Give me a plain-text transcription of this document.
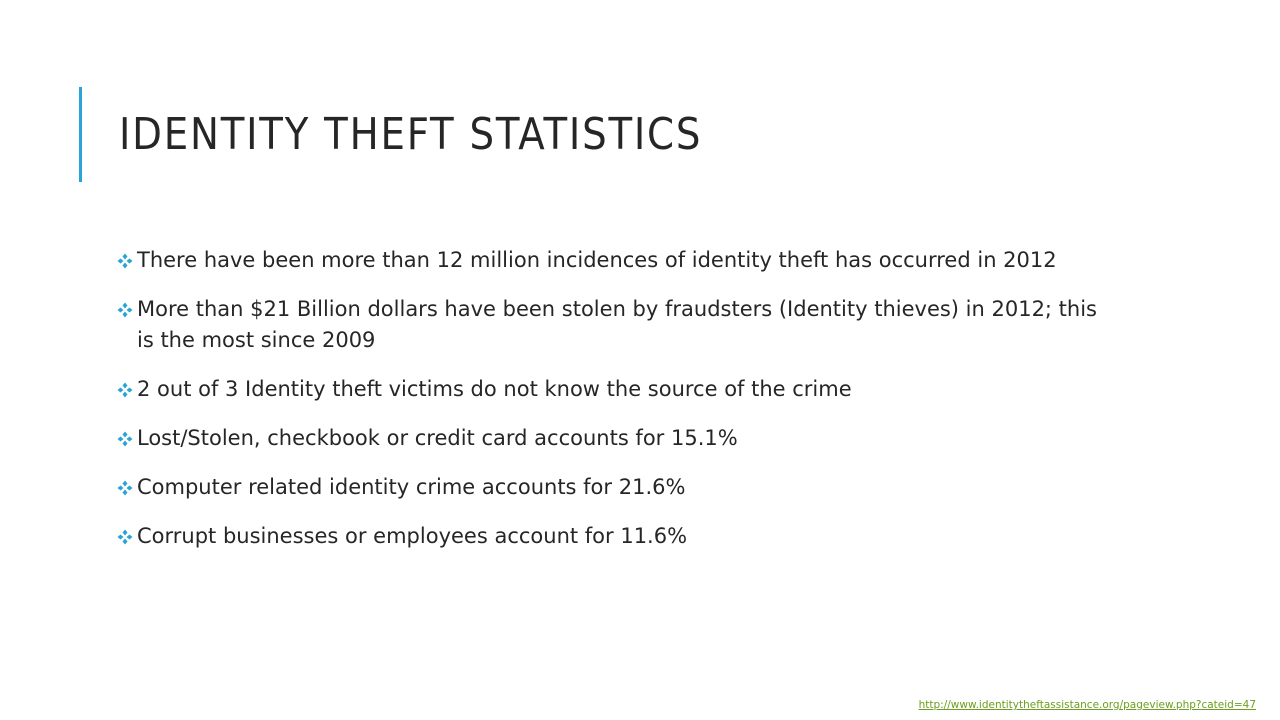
IDENTITY THEFT STATISTICS
There have been more than 12 million incidences of identity theft has occurred in 2012
More than $21 Billion dollars have been stolen by fraudsters (Identity thieves) in 2012; this is the most since 2009
2 out of 3 Identity theft victims do not know the source of the crime
Lost/Stolen, checkbook or credit card accounts for 15.1%
Computer related identity crime accounts for 21.6%
Corrupt businesses or employees account for 11.6%
http://www.identitytheftassistance.org/pageview.php?cateid=47
